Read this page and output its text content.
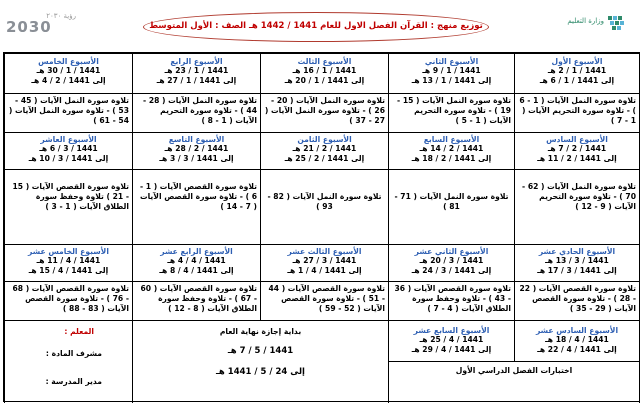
وزارة التعليم
رؤية ٢٠٣٠
2030	توزيع منهج : القرآن الفصل الاول للعام 1441 / 1442 هـ الصف : الأول المتوسط
الأسبوع الأول
1441 / 1 / 2 هـ
إلى 1441 / 1 / 6 هـ
الأسبوع الثاني
1441 / 1 / 9 هـ
إلى 1441 / 1 / 13 هـ
الأسبوع الثالث
1441 / 1 / 16 هـ
إلى 1441 / 1 / 20 هـ
الأسبوع الرابع
1441 / 1 / 23 هـ
إلى 1441 / 1 / 27 هـ
الأسبوع الخامس
1441 / 1 / 30 هـ
إلى 1441 / 2 / 4 هـ
تلاوة سورة النمل الآيات ( 1 - 6 ) - تلاوة سورة التحريم الآيات ( 1 - 7 )
تلاوة سورة النمل الآيات ( 15 - 19 ) - تلاوة سورة التحريم الآيات ( 1 - 5 )
تلاوة سورة النمل الآيات ( 20 - 26 ) - تلاوة سورة النمل الآيات ( 27 - 37 )
تلاوة سورة النمل الآيات ( 28 - 44 ) - تلاوة سورة التحريم الآيات ( 1 - 8 )
تلاوة سورة النمل الآيات ( 45 - 53 ) - تلاوة سورة النمل الآيات ( 54 - 61 )
الأسبوع السادس
1441 / 2 / 7 هـ
إلى 1441 / 2 / 11 هـ
الأسبوع السابع
1441 / 2 / 14 هـ
إلى 1441 / 2 / 18 هـ
الأسبوع الثامن
1441 / 2 / 21 هـ
إلى 1441 / 2 / 25 هـ
الأسبوع التاسع
1441 / 2 / 28 هـ
إلى 1441 / 3 / 3 هـ
الأسبوع العاشر
1441 / 3 / 6 هـ
إلى 1441 / 3 / 10 هـ
تلاوة سورة النمل الآيات ( 62 - 70 ) - تلاوة سورة التحريم الآيات ( 9 - 12 )
تلاوة سورة النمل الآيات ( 71 - 81 )
تلاوة سورة النمل الآيات ( 82 - 93 )
تلاوة سورة القصص الآيات ( 1 - 6 ) - تلاوة سورة القصص الآيات ( 7 - 14 )
تلاوة سورة القصص الآيات ( 15 - 21 ) تلاوة وحفظ سورة الطلاق الآيات ( 1 - 3 )
الأسبوع الحادي عشر
1441 / 3 / 13 هـ
إلى 1441 / 3 / 17 هـ
الأسبوع الثاني عشر
1441 / 3 / 20 هـ
إلى 1441 / 3 / 24 هـ
الأسبوع الثالث عشر
1441 / 3 / 27 هـ
إلى 1441 / 4 / 1 هـ
الأسبوع الرابع عشر
1441 / 4 / 4 هـ
إلى 1441 / 4 / 8 هـ
الأسبوع الخامس عشر
1441 / 4 / 11 هـ
إلى 1441 / 4 / 15 هـ
تلاوة سورة القصص الآيات ( 22 - 28 ) - تلاوة سورة القصص الآيات ( 29 - 35 )
تلاوة سورة القصص الآيات ( 36 - 43 ) - تلاوة وحفظ سورة الطلاق الآيات ( 4 - 7 )
تلاوة سورة القصص الآيات ( 44 - 51 ) - تلاوة سورة القصص الآيات ( 52 - 59 )
تلاوة سورة القصص الآيات ( 60 - 67 ) - تلاوة وحفظ سورة الطلاق الآيات ( 8 - 12 )
تلاوة سورة القصص الآيات ( 68 - 76 ) - تلاوة سورة القصص الآيات ( 83 - 88 )
الأسبوع السادس عشر
1441 / 4 / 18 هـ
إلى 1441 / 4 / 22 هـ
الأسبوع السابع عشر
1441 / 4 / 25 هـ
إلى 1441 / 4 / 29 هـ
اختبارات الفصل الدراسي الأول
بداية إجازة نهاية العام
1441 / 5 / 7 هـ
إلى 24 / 5 / 1441 هـ
المعلم :
مشرف المادة :
مدير المدرسة :
